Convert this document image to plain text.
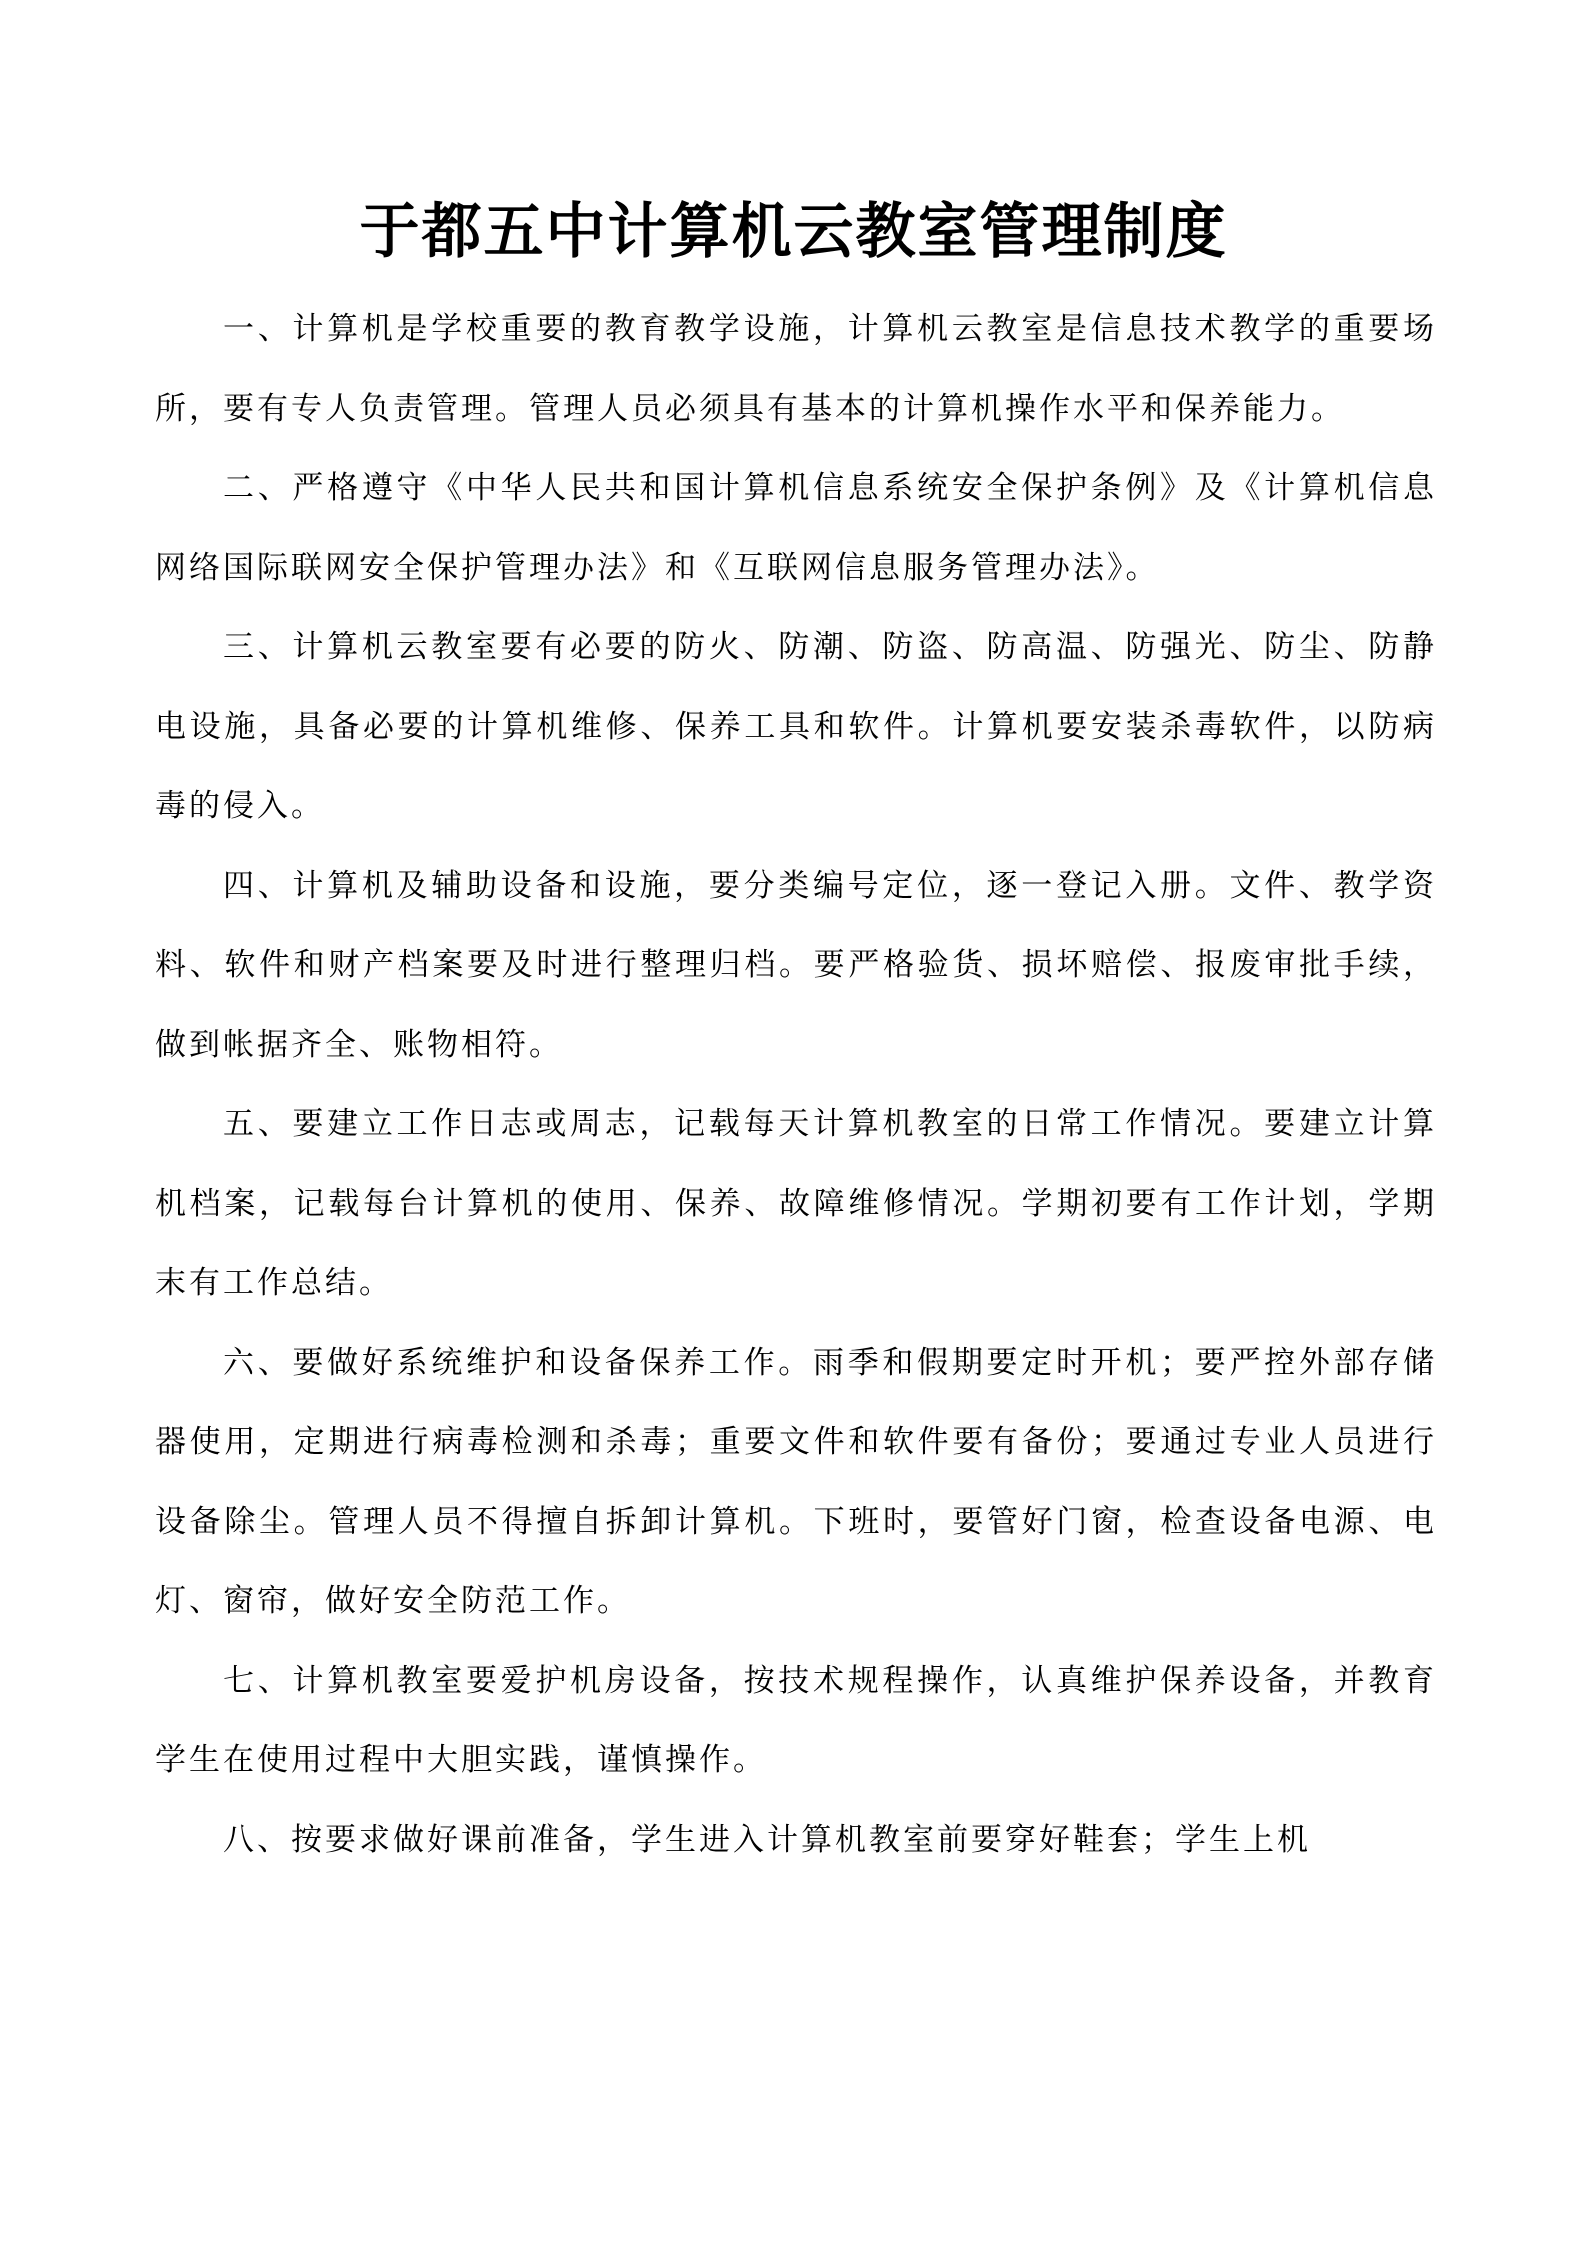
于都五中计算机云教室管理制度

一、计算机是学校重要的教育教学设施，计算机云教室是信息技术教学的重要场所，要有专人负责管理。管理人员必须具有基本的计算机操作水平和保养能力。

二、严格遵守《中华人民共和国计算机信息系统安全保护条例》及《计算机信息网络国际联网安全保护管理办法》和《互联网信息服务管理办法》。

三、计算机云教室要有必要的防火、防潮、防盗、防高温、防强光、防尘、防静电设施，具备必要的计算机维修、保养工具和软件。计算机要安装杀毒软件，以防病毒的侵入。

四、计算机及辅助设备和设施，要分类编号定位，逐一登记入册。文件、教学资料、软件和财产档案要及时进行整理归档。要严格验货、损坏赔偿、报废审批手续，做到帐据齐全、账物相符。

五、要建立工作日志或周志，记载每天计算机教室的日常工作情况。要建立计算机档案，记载每台计算机的使用、保养、故障维修情况。学期初要有工作计划，学期末有工作总结。

六、要做好系统维护和设备保养工作。雨季和假期要定时开机；要严控外部存储器使用，定期进行病毒检测和杀毒；重要文件和软件要有备份；要通过专业人员进行设备除尘。管理人员不得擅自拆卸计算机。下班时，要管好门窗，检查设备电源、电灯、窗帘，做好安全防范工作。

七、计算机教室要爱护机房设备，按技术规程操作，认真维护保养设备，并教育学生在使用过程中大胆实践，谨慎操作。

八、按要求做好课前准备，学生进入计算机教室前要穿好鞋套；学生上机
